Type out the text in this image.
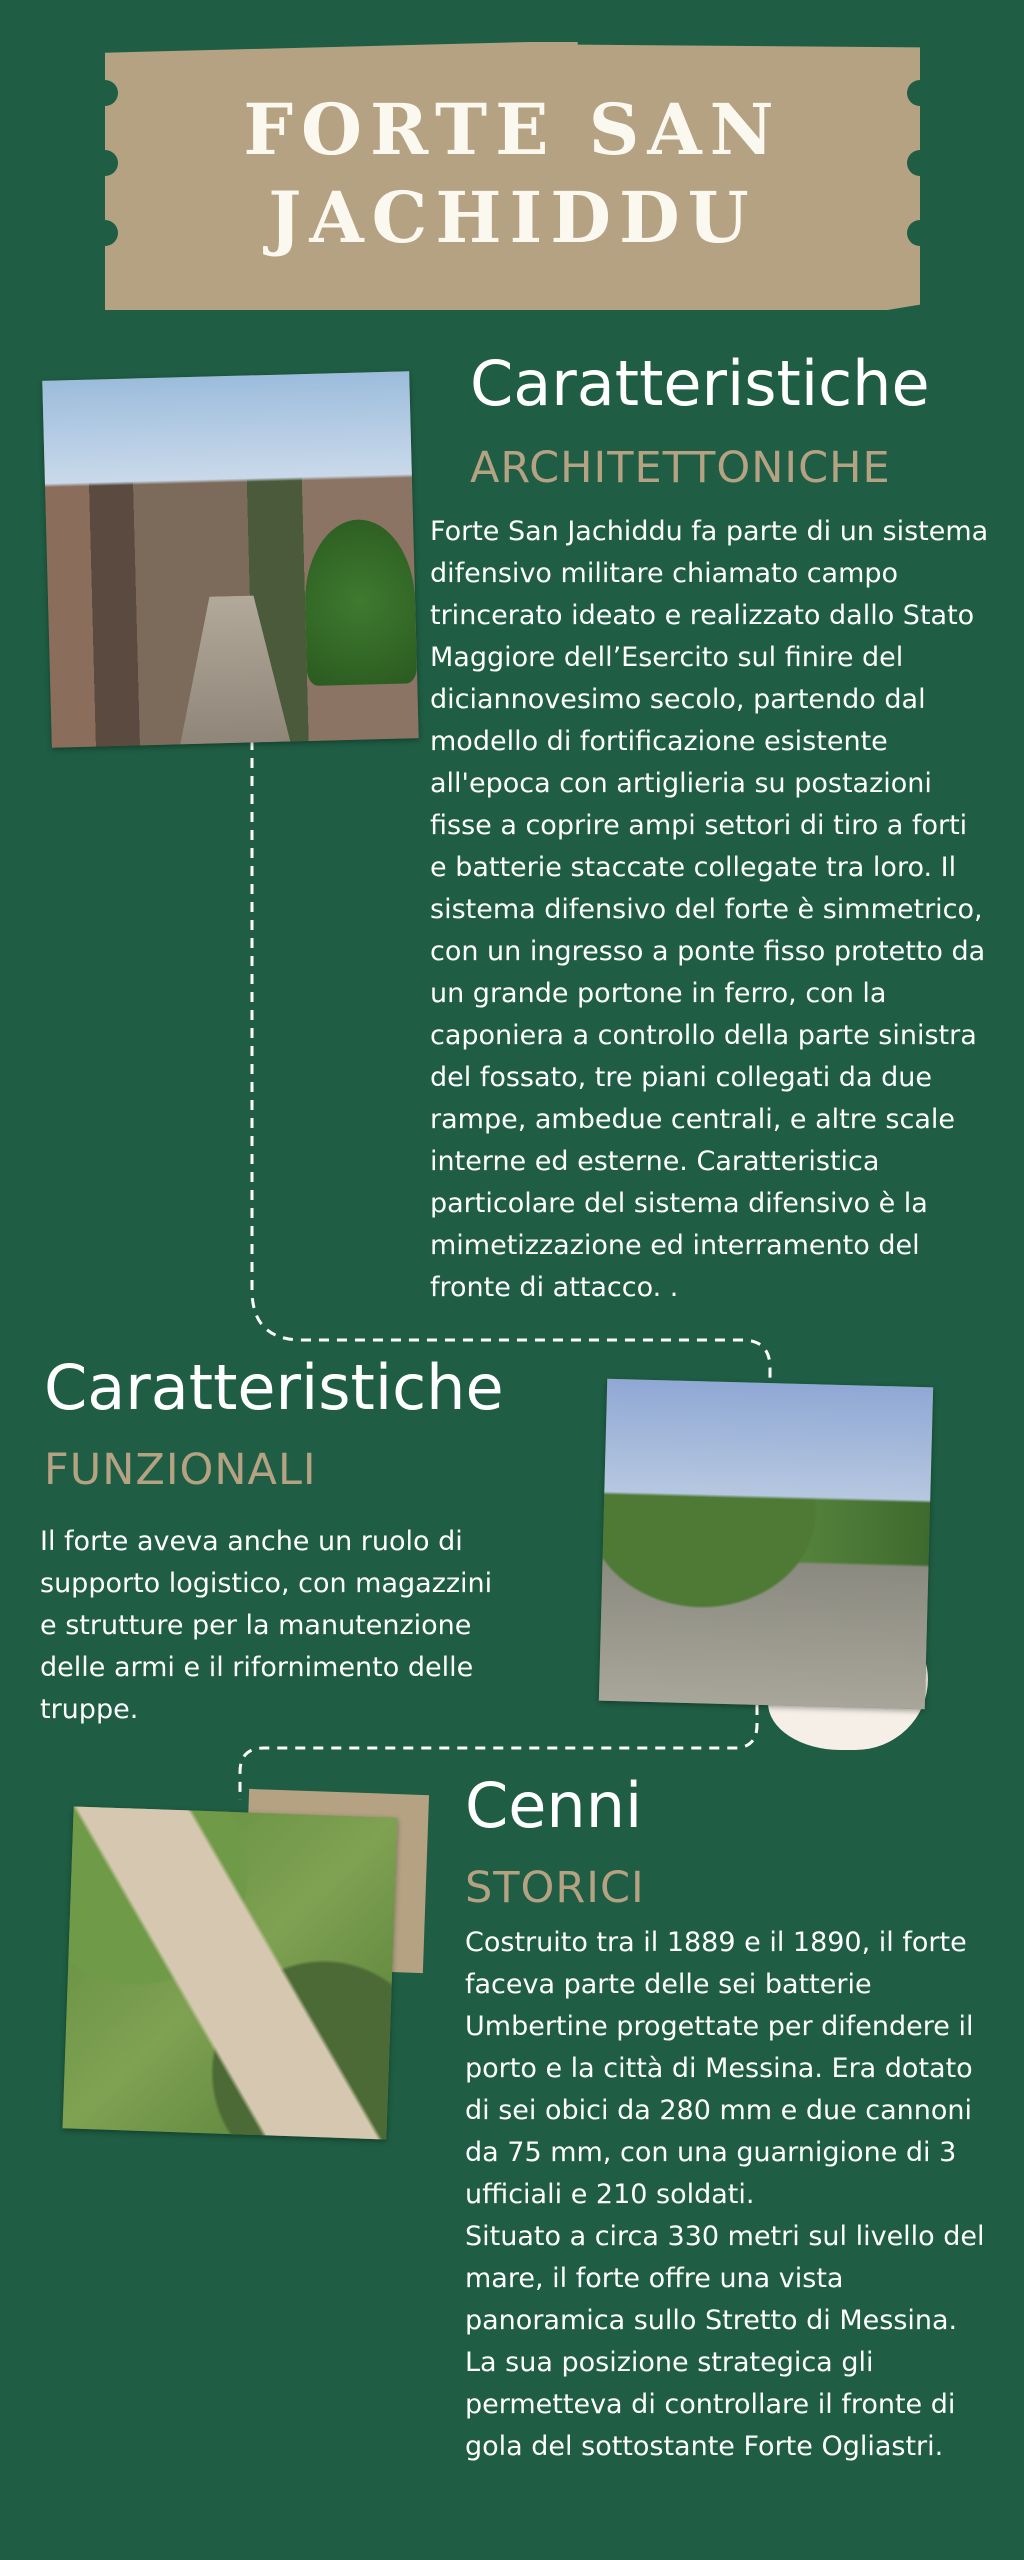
FORTE SAN
JACHIDDU
Caratteristiche
ARCHITETTONICHE
Forte San Jachiddu fa parte di un sistema difensivo militare chiamato campo trincerato ideato e realizzato dallo Stato Maggiore dell’Esercito sul finire del diciannovesimo secolo, partendo dal modello di fortificazione esistente all'epoca con artiglieria su postazioni fisse a coprire ampi settori di tiro a forti e batterie staccate collegate tra loro. Il sistema difensivo del forte è simmetrico, con un ingresso a ponte fisso protetto da un grande portone in ferro, con la caponiera a controllo della parte sinistra del fossato, tre piani collegati da due rampe, ambedue centrali, e altre scale interne ed esterne. Caratteristica particolare del sistema difensivo è la mimetizzazione ed interramento del fronte di attacco. .
Caratteristiche
FUNZIONALI
Il forte aveva anche un ruolo di supporto logistico, con magazzini e strutture per la manutenzione delle armi e il rifornimento delle truppe.
Cenni
STORICI
Costruito tra il 1889 e il 1890, il forte faceva parte delle sei batterie Umbertine progettate per difendere il porto e la città di Messina. Era dotato di sei obici da 280 mm e due cannoni da 75 mm, con una guarnigione di 3 ufficiali e 210 soldati.
Situato a circa 330 metri sul livello del mare, il forte offre una vista panoramica sullo Stretto di Messina. La sua posizione strategica gli permetteva di controllare il fronte di gola del sottostante Forte Ogliastri.
